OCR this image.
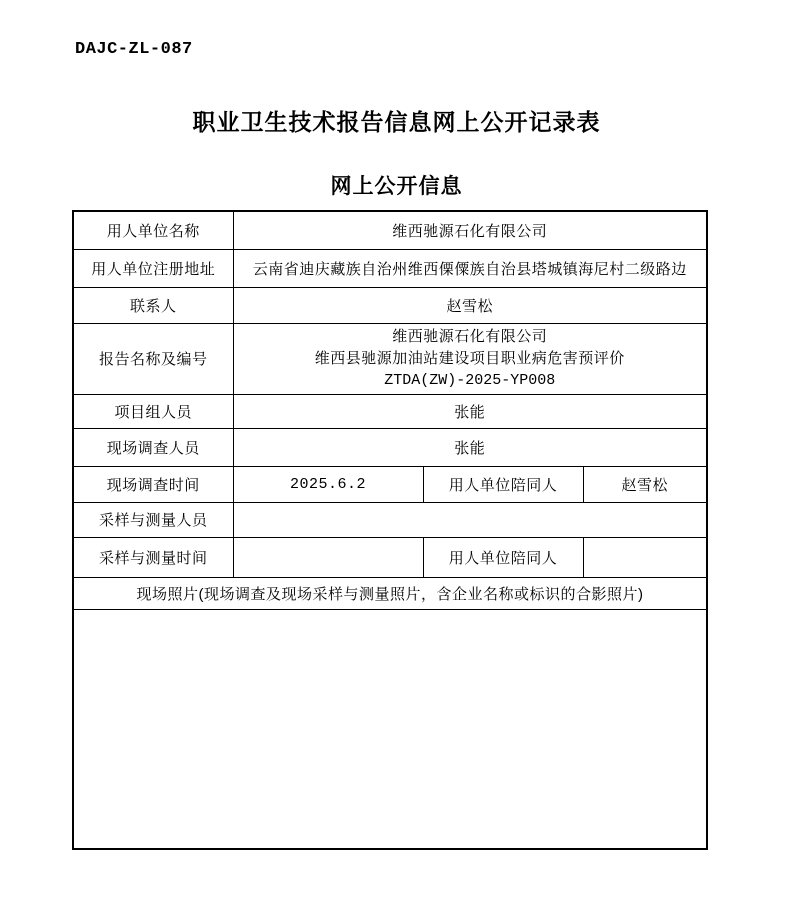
DAJC-ZL-087
职业卫生技术报告信息网上公开记录表
网上公开信息
用人单位名称	维西驰源石化有限公司		
用人单位注册地址	云南省迪庆藏族自治州维西傈僳族自治县塔城镇海尼村二级路边		
联系人	赵雪松		
报告名称及编号	维西驰源石化有限公司
维西县驰源加油站建设项目职业病危害预评价
ZTDA(ZW)-2025-YP008		

项目组人员	张能		
现场调查人员	张能		
现场调查时间	2025.6.2	用人单位陪同人	赵雪松
采样与测量人员			
采样与测量时间		用人单位陪同人	
现场照片(现场调查及现场采样与测量照片，含企业名称或标识的合影照片)			
